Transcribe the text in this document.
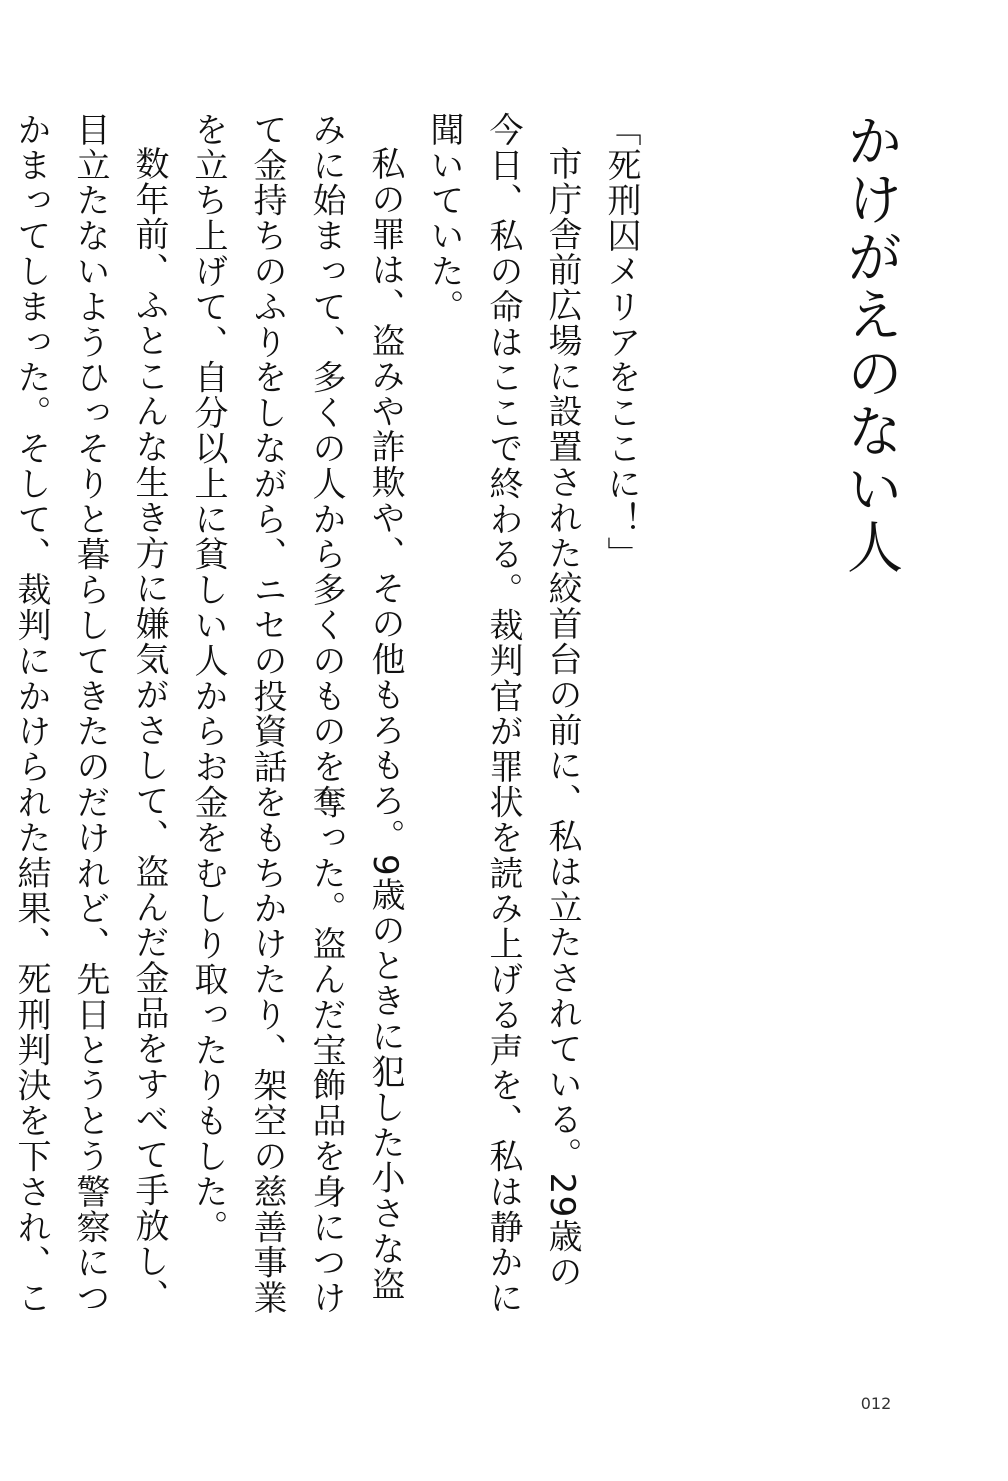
かけがえのない人

「死刑囚メリアをここに！」

市庁舎前広場に設置された絞首台の前に、私は立たされている。29歳の今日、私の命はここで終わる。裁判官が罪状を読み上げる声を、私は静かに聞いていた。

私の罪は、盗みや詐欺や、その他もろもろ。9歳のときに犯した小さな盗みに始まって、多くの人から多くのものを奪った。盗んだ宝飾品を身につけて金持ちのふりをしながら、ニセの投資話をもちかけたり、架空の慈善事業を立ち上げて、自分以上に貧しい人からお金をむしり取ったりもした。

数年前、ふとこんな生き方に嫌気がさして、盗んだ金品をすべて手放し、目立たないようひっそりと暮らしてきたのだけれど、先日とうとう警察につかまってしまった。そして、裁判にかけられた結果、死刑判決を下され、こ

012
